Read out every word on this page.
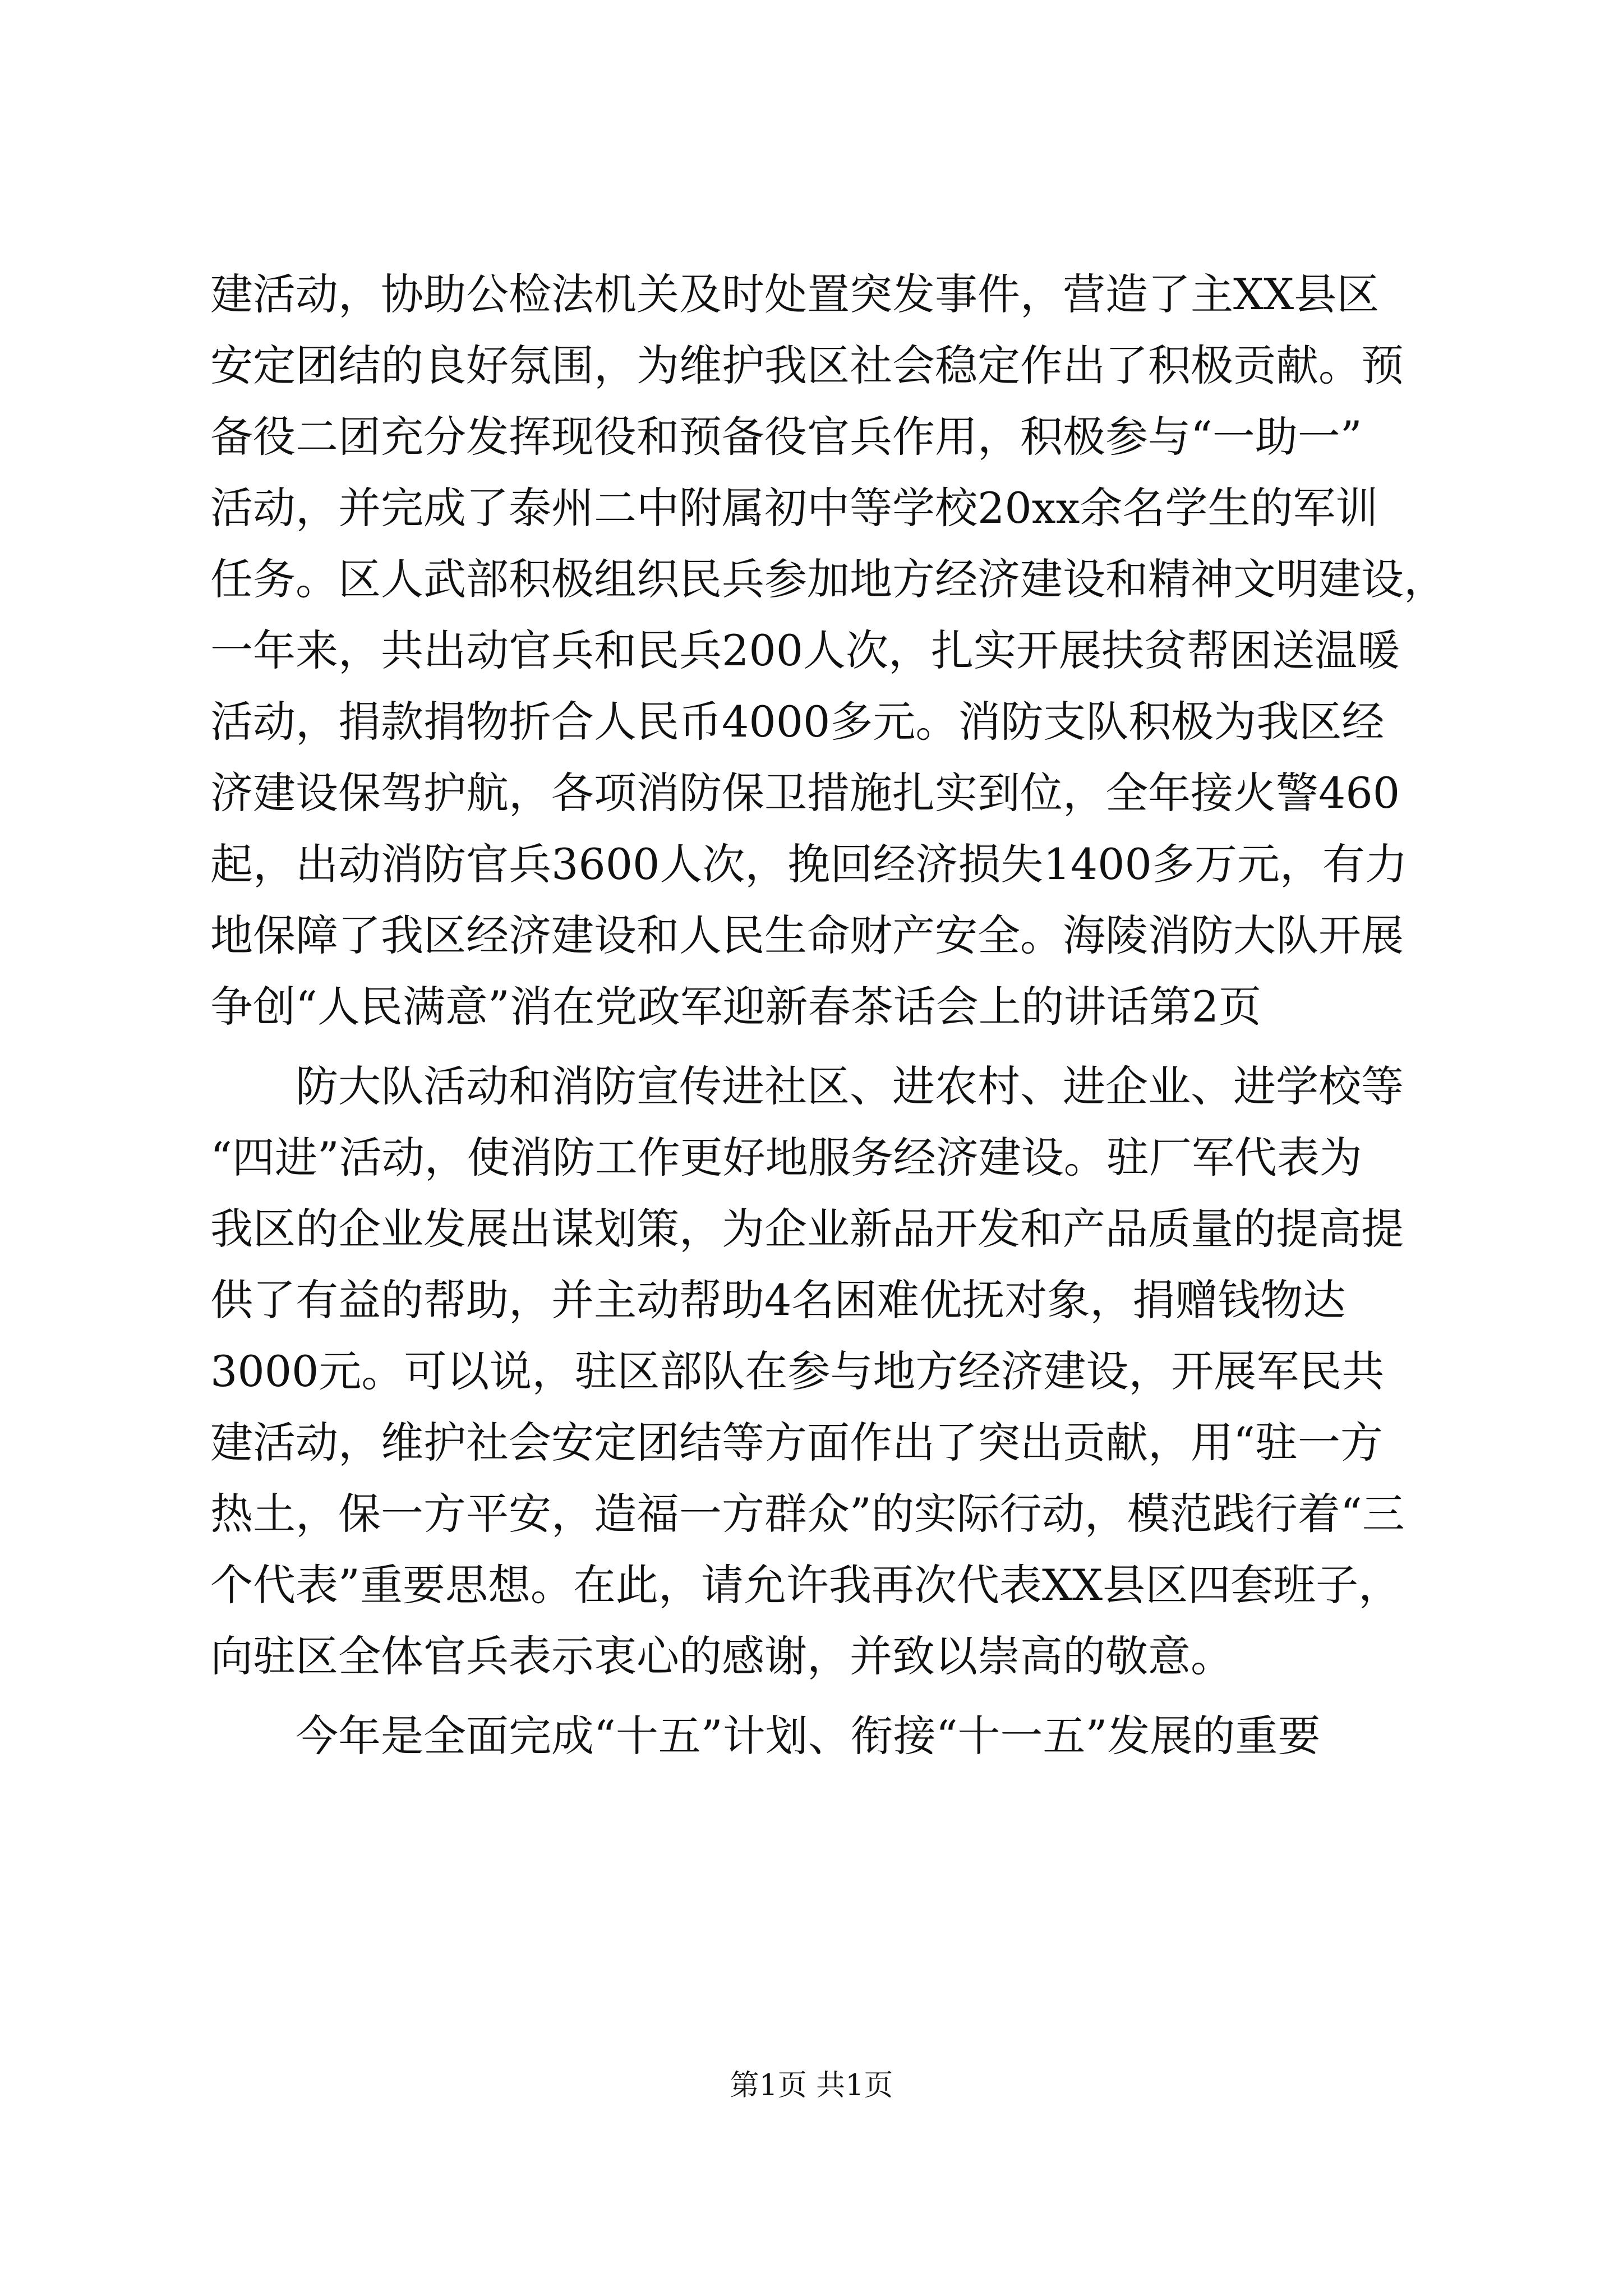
建活动，协助公检法机关及时处置突发事件，营造了主XX县区
安定团结的良好氛围，为维护我区社会稳定作出了积极贡献。预
备役二团充分发挥现役和预备役官兵作用，积极参与“一助一”
活动，并完成了泰州二中附属初中等学校20xx余名学生的军训
任务。区人武部积极组织民兵参加地方经济建设和精神文明建设，
一年来，共出动官兵和民兵200人次，扎实开展扶贫帮困送温暖
活动，捐款捐物折合人民币4000多元。消防支队积极为我区经
济建设保驾护航，各项消防保卫措施扎实到位，全年接火警460
起，出动消防官兵3600人次，挽回经济损失1400多万元，有力
地保障了我区经济建设和人民生命财产安全。海陵消防大队开展
争创“人民满意”消在党政军迎新春茶话会上的讲话第2页
　　防大队活动和消防宣传进社区、进农村、进企业、进学校等
“四进”活动，使消防工作更好地服务经济建设。驻厂军代表为
我区的企业发展出谋划策，为企业新品开发和产品质量的提高提
供了有益的帮助，并主动帮助4名困难优抚对象，捐赠钱物达
3000元。可以说，驻区部队在参与地方经济建设，开展军民共
建活动，维护社会安定团结等方面作出了突出贡献，用“驻一方
热土，保一方平安，造福一方群众”的实际行动，模范践行着“三
个代表”重要思想。在此，请允许我再次代表XX县区四套班子，
向驻区全体官兵表示衷心的感谢，并致以崇高的敬意。
　　今年是全面完成“十五”计划、衔接“十一五”发展的重要
第1页 共1页
